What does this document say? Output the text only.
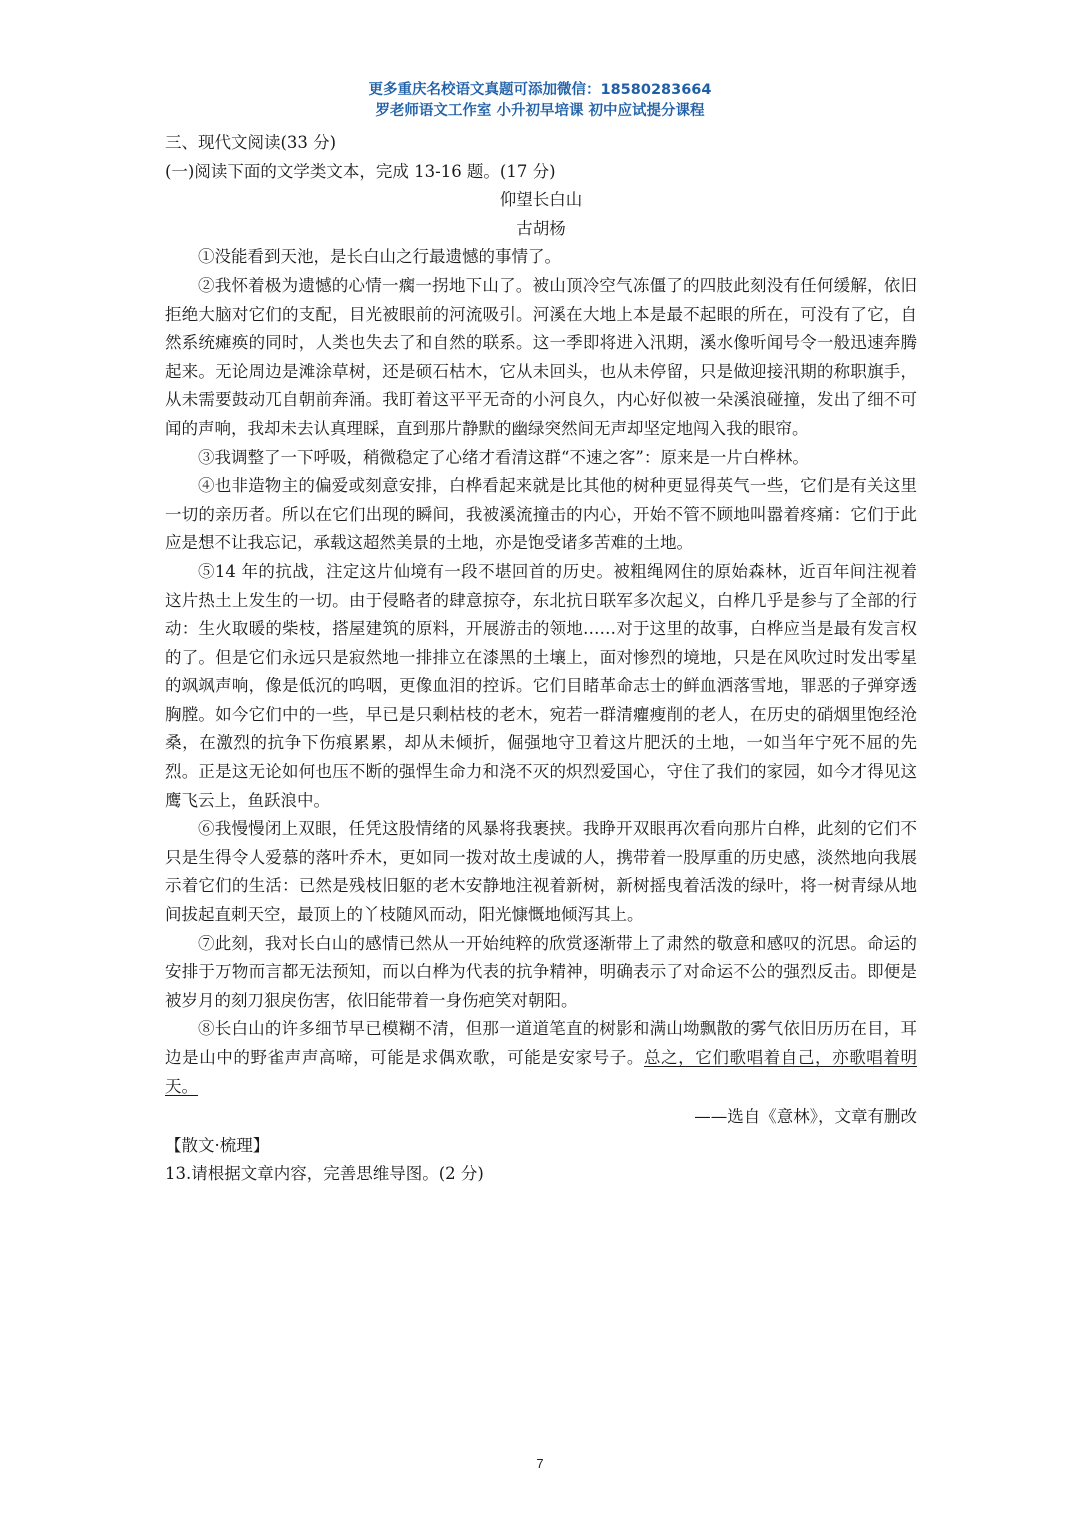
更多重庆名校语文真题可添加微信：18580283664
罗老师语文工作室 小升初早培课 初中应试提分课程

三、现代文阅读(33 分)

(一)阅读下面的文学类文本，完成 13-16 题。(17 分)

仰望长白山

古胡杨

①没能看到天池，是长白山之行最遗憾的事情了。

②我怀着极为遗憾的心情一瘸一拐地下山了。被山顶冷空气冻僵了的四肢此刻没有任何缓解，依旧拒绝大脑对它们的支配，目光被眼前的河流吸引。河溪在大地上本是最不起眼的所在，可没有了它，自然系统瘫痪的同时，人类也失去了和自然的联系。这一季即将进入汛期，溪水像听闻号令一般迅速奔腾起来。无论周边是滩涂草树，还是硕石枯木，它从未回头，也从未停留，只是做迎接汛期的称职旗手，从未需要鼓动兀自朝前奔涌。我盯着这平平无奇的小河良久，内心好似被一朵溪浪碰撞，发出了细不可闻的声响，我却未去认真理睬，直到那片静默的幽绿突然间无声却坚定地闯入我的眼帘。

③我调整了一下呼吸，稍微稳定了心绪才看清这群“不速之客”：原来是一片白桦林。

④也非造物主的偏爱或刻意安排，白桦看起来就是比其他的树种更显得英气一些，它们是有关这里一切的亲历者。所以在它们出现的瞬间，我被溪流撞击的内心，开始不管不顾地叫嚣着疼痛：它们于此应是想不让我忘记，承载这超然美景的土地，亦是饱受诸多苦难的土地。

⑤14 年的抗战，注定这片仙境有一段不堪回首的历史。被粗绳网住的原始森林，近百年间注视着这片热土上发生的一切。由于侵略者的肆意掠夺，东北抗日联军多次起义，白桦几乎是参与了全部的行动：生火取暖的柴枝，搭屋建筑的原料，开展游击的领地……对于这里的故事，白桦应当是最有发言权的了。但是它们永远只是寂然地一排排立在漆黑的土壤上，面对惨烈的境地，只是在风吹过时发出零星的飒飒声响，像是低沉的呜咽，更像血泪的控诉。它们目睹革命志士的鲜血洒落雪地，罪恶的子弹穿透胸膛。如今它们中的一些，早已是只剩枯枝的老木，宛若一群清癯瘦削的老人，在历史的硝烟里饱经沧桑，在激烈的抗争下伤痕累累，却从未倾折，倔强地守卫着这片肥沃的土地，一如当年宁死不屈的先烈。正是这无论如何也压不断的强悍生命力和浇不灭的炽烈爱国心，守住了我们的家园，如今才得见这鹰飞云上，鱼跃浪中。

⑥我慢慢闭上双眼，任凭这股情绪的风暴将我裹挟。我睁开双眼再次看向那片白桦，此刻的它们不只是生得令人爱慕的落叶乔木，更如同一拨对故土虔诚的人，携带着一股厚重的历史感，淡然地向我展示着它们的生活：已然是残枝旧躯的老木安静地注视着新树，新树摇曳着活泼的绿叶，将一树青绿从地间拔起直刺天空，最顶上的丫枝随风而动，阳光慷慨地倾泻其上。

⑦此刻，我对长白山的感情已然从一开始纯粹的欣赏逐渐带上了肃然的敬意和感叹的沉思。命运的安排于万物而言都无法预知，而以白桦为代表的抗争精神，明确表示了对命运不公的强烈反击。即便是被岁月的刻刀狠戾伤害，依旧能带着一身伤疤笑对朝阳。

⑧长白山的许多细节早已模糊不清，但那一道道笔直的树影和满山坳飘散的雾气依旧历历在目，耳边是山中的野雀声声高啼，可能是求偶欢歌，可能是安家号子。总之，它们歌唱着自己，亦歌唱着明天。

——选自《意林》，文章有删改

【散文·梳理】

13.请根据文章内容，完善思维导图。(2 分)

7
